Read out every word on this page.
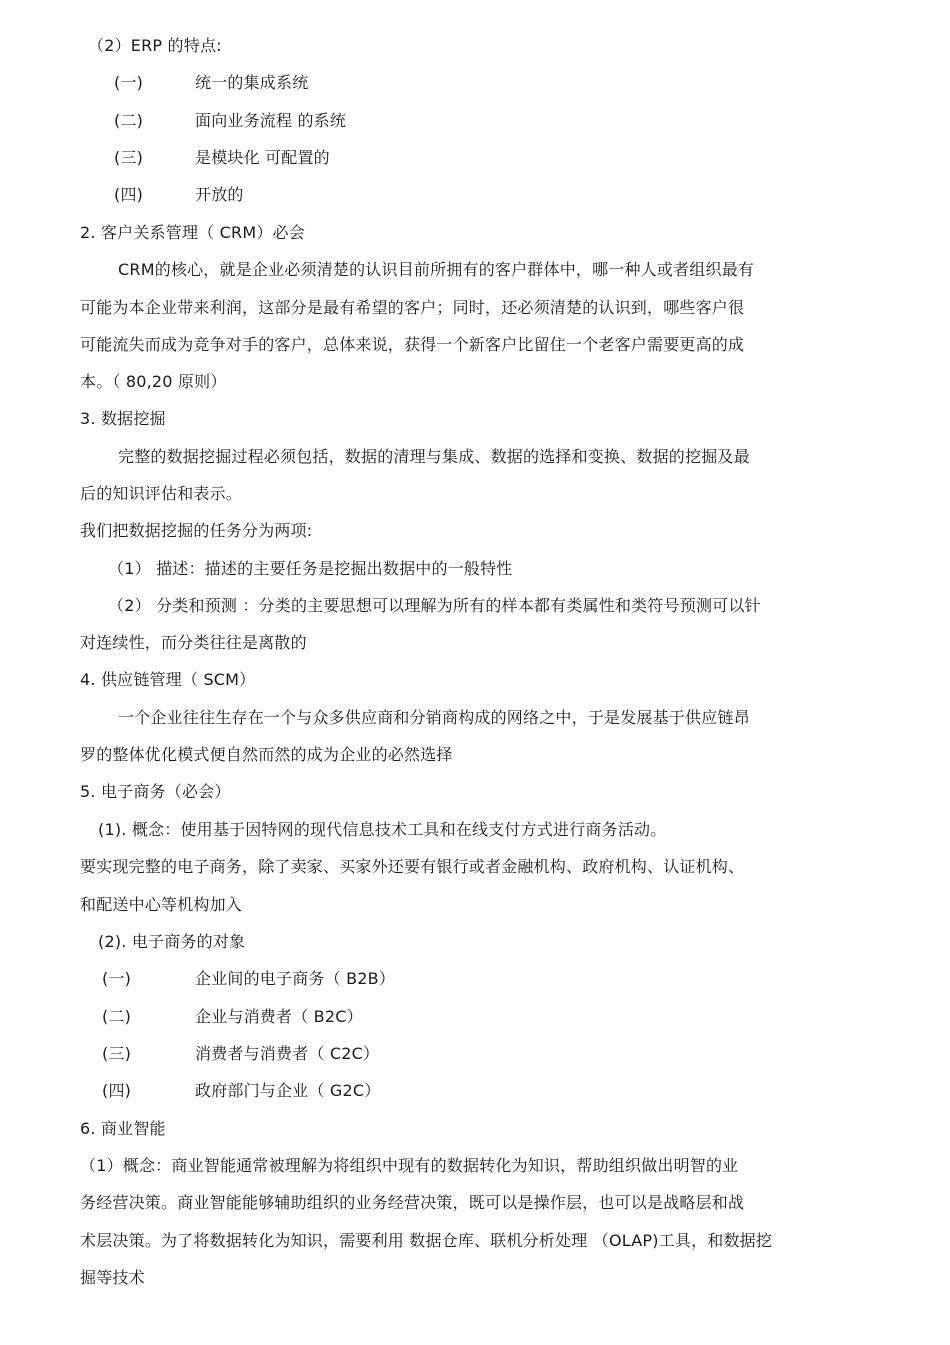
（2）ERP 的特点:

(一)	统一的集成系统
(二)	面向业务流程 的系统
(三)	是模块化 可配置的
(四)	开放的

2. 客户关系管理（ CRM）必会

CRM的核心，就是企业必须清楚的认识目前所拥有的客户群体中，哪一种人或者组织最有

可能为本企业带来利润，这部分是最有希望的客户；同时，还必须清楚的认识到，哪些客户很

可能流失而成为竞争对手的客户，总体来说，获得一个新客户比留住一个老客户需要更高的成

本。（ 80,20 原则）

3. 数据挖掘

完整的数据挖掘过程必须包括，数据的清理与集成、数据的选择和变换、数据的挖掘及最

后的知识评估和表示。

我们把数据挖掘的任务分为两项:

（1） 描述：描述的主要任务是挖掘出数据中的一般特性

（2） 分类和预测 ：分类的主要思想可以理解为所有的样本都有类属性和类符号预测可以针

对连续性，而分类往往是离散的

4. 供应链管理（ SCM）

一个企业往往生存在一个与众多供应商和分销商构成的网络之中，于是发展基于供应链昂

罗的整体优化模式便自然而然的成为企业的必然选择

5. 电子商务（必会）

(1). 概念：使用基于因特网的现代信息技术工具和在线支付方式进行商务活动。

要实现完整的电子商务，除了卖家、买家外还要有银行或者金融机构、政府机构、认证机构、

和配送中心等机构加入

(2). 电子商务的对象

(一)	企业间的电子商务（ B2B）
(二)	企业与消费者（ B2C）
(三)	消费者与消费者（ C2C）
(四)	政府部门与企业（ G2C）

6. 商业智能

（1）概念：商业智能通常被理解为将组织中现有的数据转化为知识，帮助组织做出明智的业

务经营决策。商业智能能够辅助组织的业务经营决策，既可以是操作层，也可以是战略层和战

术层决策。为了将数据转化为知识，需要利用 数据仓库、联机分析处理 （OLAP)工具，和数据挖

掘等技术
